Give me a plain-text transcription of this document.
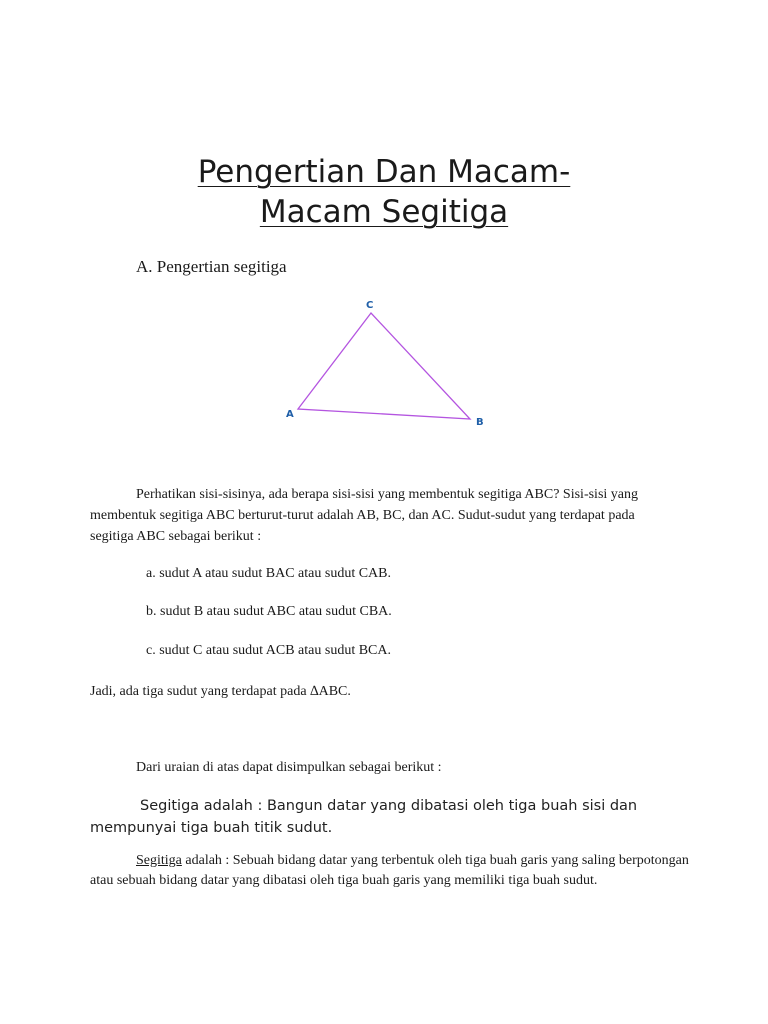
Pengertian Dan Macam-
Macam Segitiga
A. Pengertian segitiga
C
A
B

Perhatikan sisi-sisinya, ada berapa sisi-sisi yang membentuk segitiga ABC? Sisi-sisi yang membentuk segitiga ABC berturut-turut adalah AB, BC, dan AC. Sudut-sudut yang terdapat pada segitiga ABC sebagai berikut :

a. sudut A atau sudut BAC atau sudut CAB.

b. sudut B atau sudut ABC atau sudut CBA.

c. sudut C atau sudut ACB atau sudut BCA.

Jadi, ada tiga sudut yang terdapat pada ∆ABC.

Dari uraian di atas dapat disimpulkan sebagai berikut :

Segitiga adalah : Bangun datar yang dibatasi oleh tiga buah sisi dan mempunyai tiga buah titik sudut.

Segitiga adalah : Sebuah bidang datar yang terbentuk oleh tiga buah garis yang saling berpotongan atau sebuah bidang datar yang dibatasi oleh tiga buah garis yang memiliki tiga buah sudut.
